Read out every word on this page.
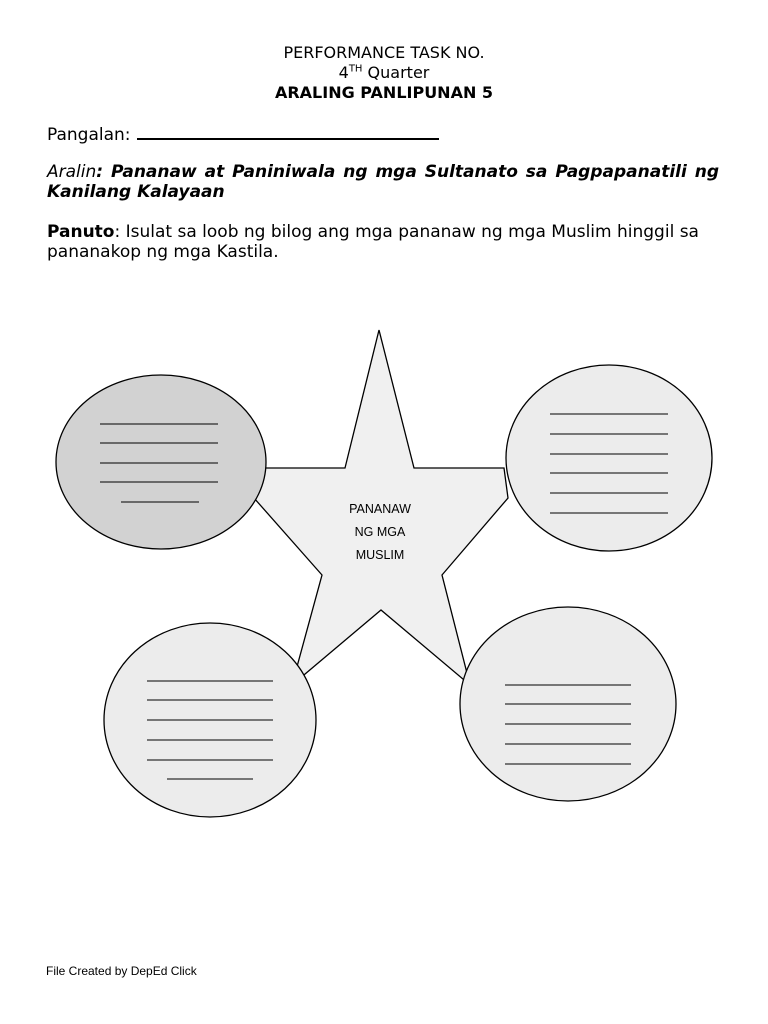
PERFORMANCE TASK NO.
4TH Quarter
ARALING PANLIPUNAN 5
Pangalan:
Aralin: Pananaw at Paniniwala ng mga Sultanato sa Pagpapanatili ng Kanilang Kalayaan
Panuto: Isulat sa loob ng bilog ang mga pananaw ng mga Muslim hinggil sa
pananakop ng mga Kastila.
PANANAW
NG MGA
MUSLIM
File Created by DepEd Click
